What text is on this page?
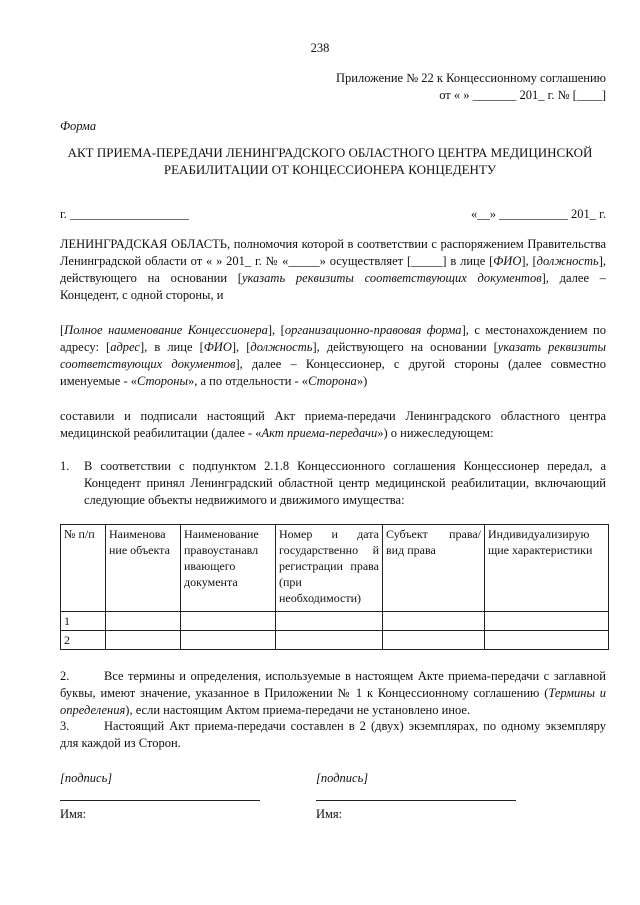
238
Приложение № 22 к Концессионному соглашению
от « » _______ 201_ г. № [____]
Форма
АКТ ПРИЕМА-ПЕРЕДАЧИ ЛЕНИНГРАДСКОГО ОБЛАСТНОГО ЦЕНТРА МЕДИЦИНСКОЙ РЕАБИЛИТАЦИИ ОТ КОНЦЕССИОНЕРА КОНЦЕДЕНТУ
г. ___________________	«__» ___________ 201_ г.
ЛЕНИНГРАДСКАЯ ОБЛАСТЬ, полномочия которой в соответствии с распоряжением Правительства Ленинградской области от « » 201_ г. № «_____» осуществляет [_____] в лице [ФИО], [должность], действующего на основании [указать реквизиты соответствующих документов], далее – Концедент, с одной стороны, и
[Полное наименование Концессионера], [организационно-правовая форма], с местонахождением по адресу: [адрес], в лице [ФИО], [должность], действующего на основании [указать реквизиты соответствующих документов], далее – Концессионер, с другой стороны (далее совместно именуемые - «Стороны», а по отдельности - «Сторона»)
составили и подписали настоящий Акт приема-передачи Ленинградского областного центра медицинской реабилитации (далее - «Акт приема-передачи») о нижеследующем:
1. В соответствии с подпунктом 2.1.8 Концессионного соглашения Концессионер передал, а Концедент принял Ленинградский областной центр медицинской реабилитации, включающий следующие объекты недвижимого и движимого имущества:
№ п/п	Наименова ние объекта	Наименование правоустанавл ивающего документа	Номер и дата государственно й регистрации права (при необходимости)	Субъект права/ вид права	Индивидуализирую щие характеристики
1					
2					
2.	Все термины и определения, используемые в настоящем Акте приема-передачи с заглавной буквы, имеют значение, указанное в Приложении № 1 к Концессионному соглашению (Термины и определения), если настоящим Актом приема-передачи не установлено иное.
3.	Настоящий Акт приема-передачи составлен в 2 (двух) экземплярах, по одному экземпляру для каждой из Сторон.
[подпись]	[подпись]
Имя:	Имя:
